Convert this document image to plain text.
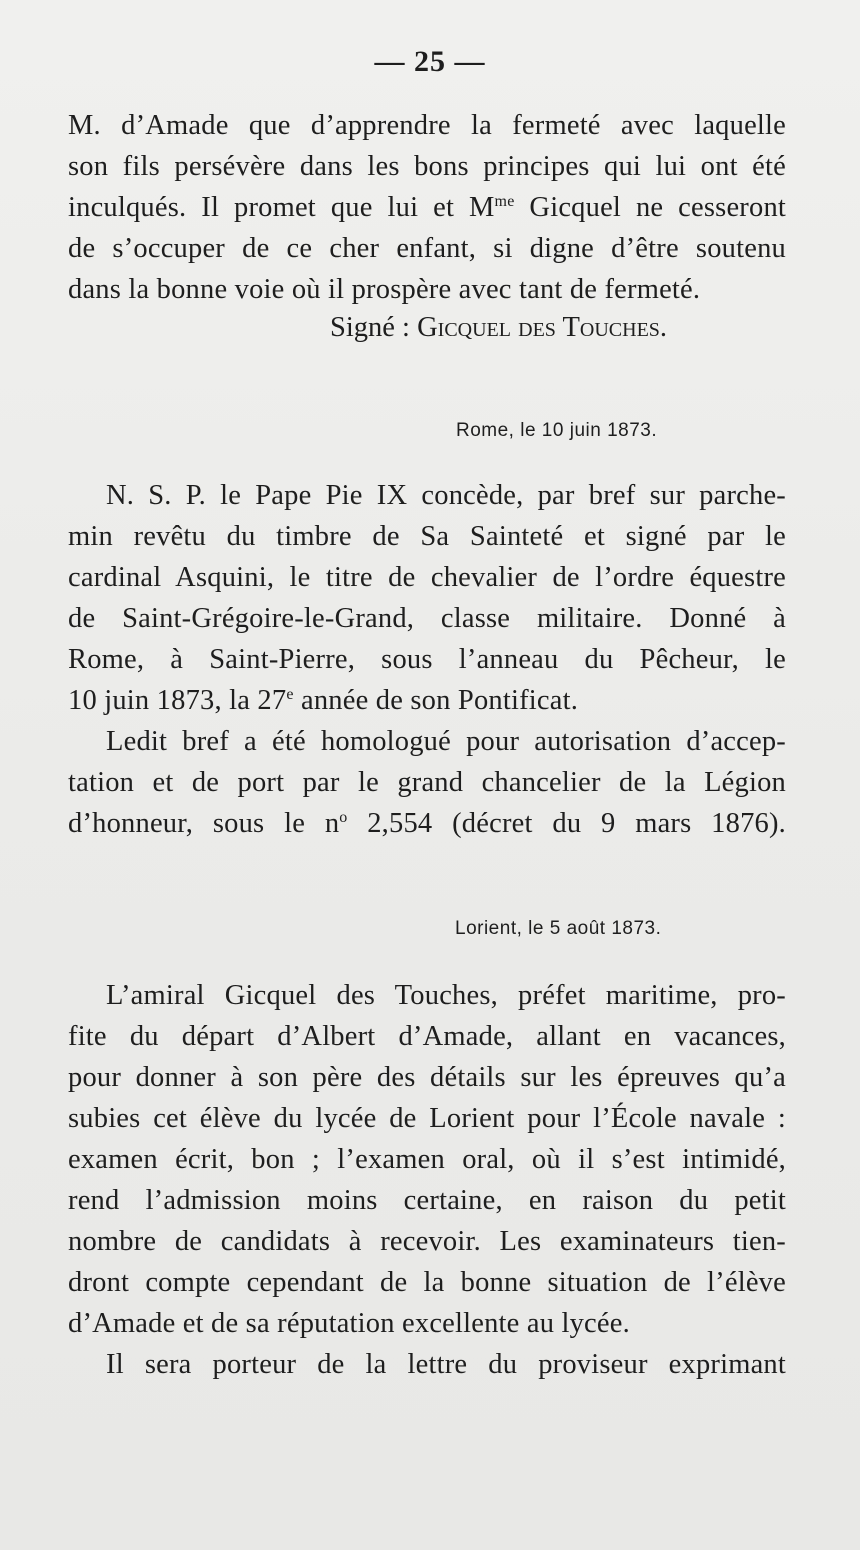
— 25 —
M. d’Amade que d’apprendre la fermeté avec laquelle
son fils persévère dans les bons principes qui lui ont été
inculqués. Il promet que lui et $M^{me}$ Gicquel ne cesseront
de s’occuper de ce cher enfant, si digne d’être soutenu
dans la bonne voie où il prospère avec tant de fermeté.
Signé : Gicquel des Touches.
Rome, le 10 juin 1873.
N. S. P. le Pape Pie IX concède, par bref sur parche-
min revêtu du timbre de Sa Sainteté et signé par le
cardinal Asquini, le titre de chevalier de l’ordre équestre
de Saint-Grégoire-le-Grand, classe militaire. Donné à
Rome, à Saint-Pierre, sous l’anneau du Pêcheur, le
10 juin 1873, la 27e année de son Pontificat.
Ledit bref a été homologué pour autorisation d’accep-
tation et de port par le grand chancelier de la Légion
d’honneur, sous le $n^o$ 2,554 (décret du 9 mars 1876).
Lorient, le 5 août 1873.
L’amiral Gicquel des Touches, préfet maritime, pro-
fite du départ d’Albert d’Amade, allant en vacances,
pour donner à son père des détails sur les épreuves qu’a
subies cet élève du lycée de Lorient pour l’École navale :
examen écrit, bon ; l’examen oral, où il s’est intimidé,
rend l’admission moins certaine, en raison du petit
nombre de candidats à recevoir. Les examinateurs tien-
dront compte cependant de la bonne situation de l’élève
d’Amade et de sa réputation excellente au lycée.
Il sera porteur de la lettre du proviseur exprimant
